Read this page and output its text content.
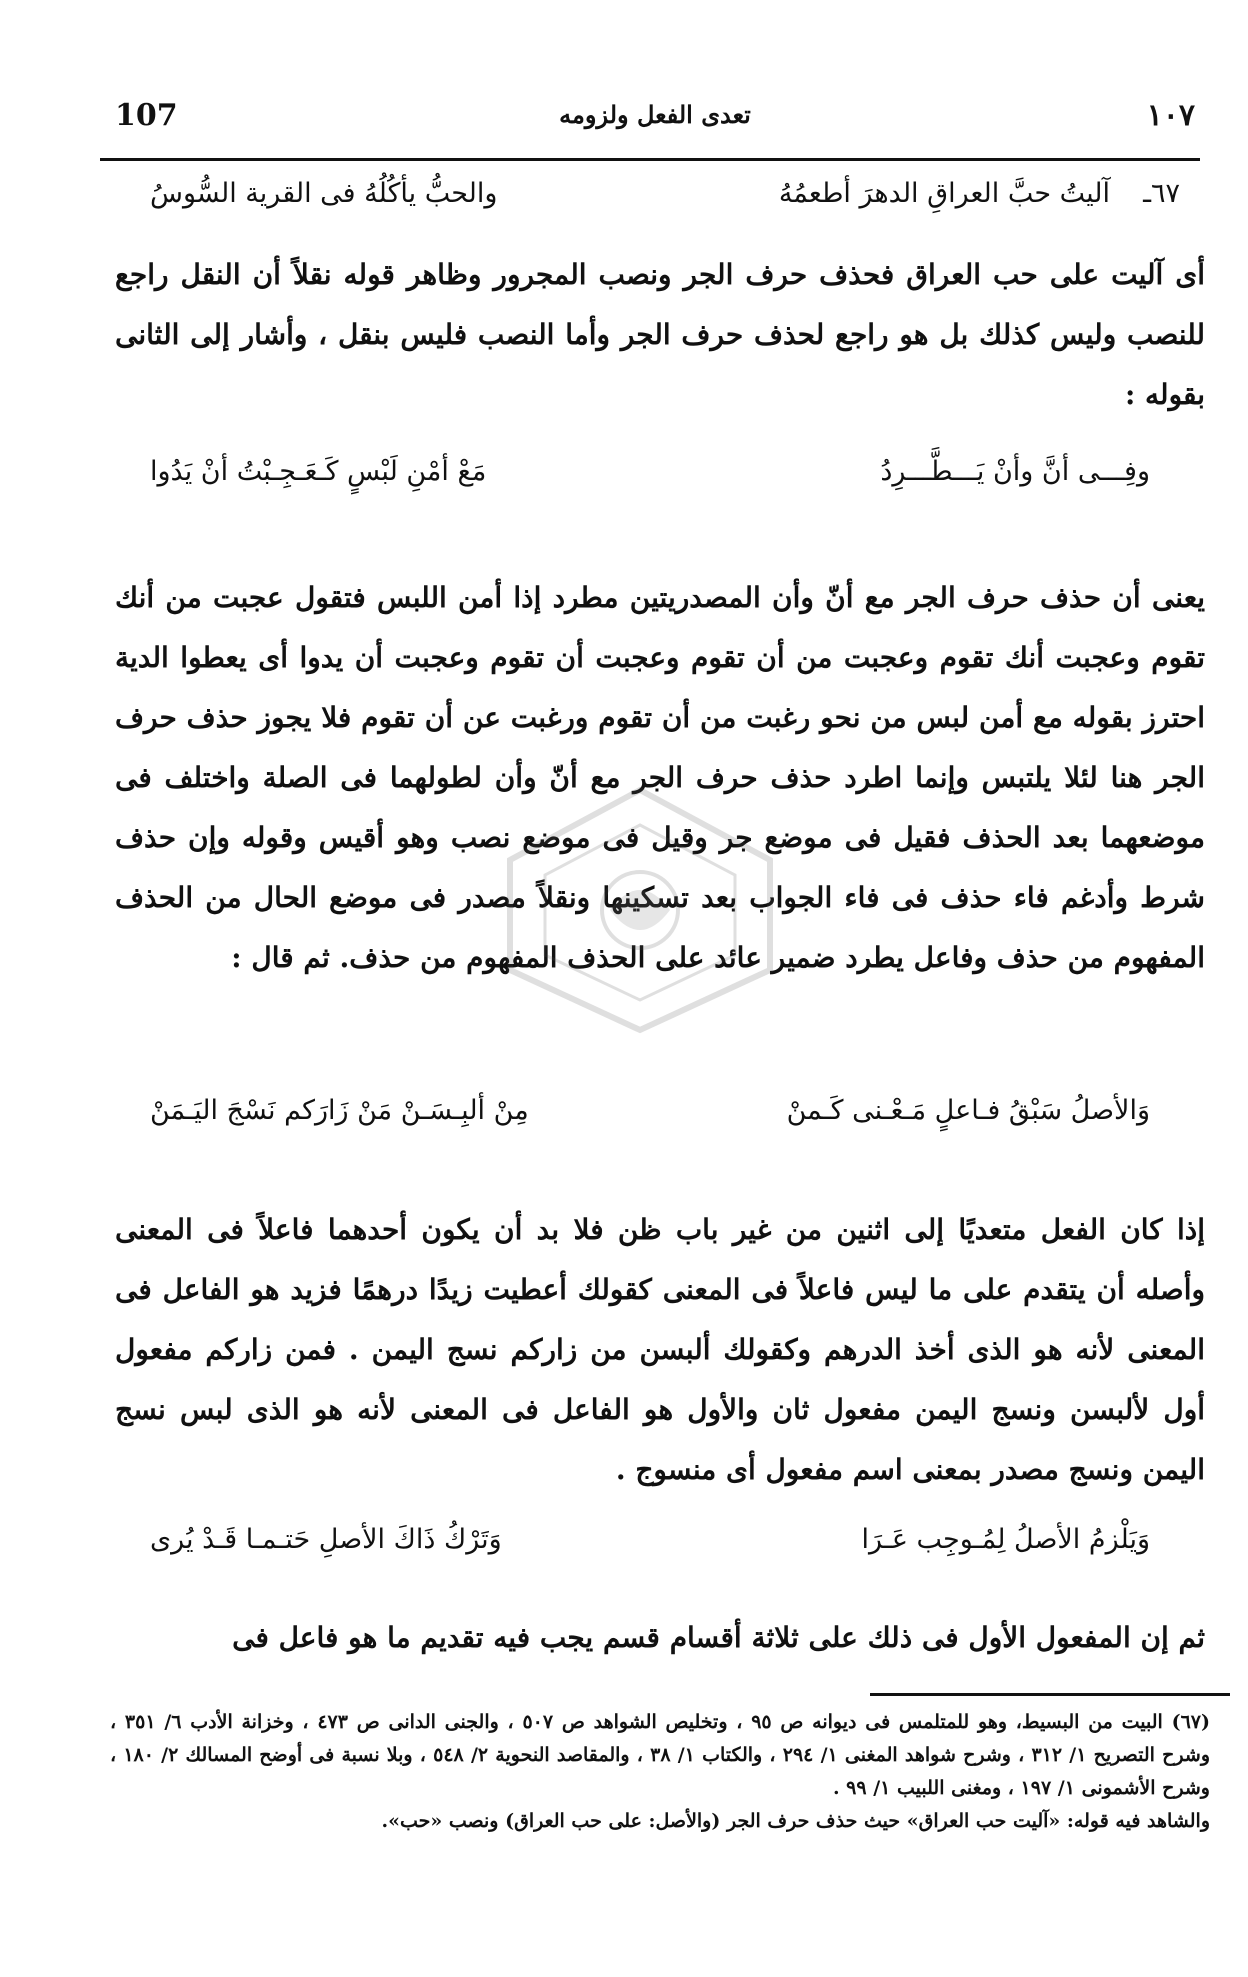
107	تعدى الفعل ولزومه	١٠٧
٦٧ـ
آليتُ حبَّ العراقِ الدهرَ أطعمُهُ
والحبُّ يأكُلُهُ فى القرية السُّوسُ
أى آليت على حب العراق فحذف حرف الجر ونصب المجرور وظاهر قوله نقلاً أن النقل راجع للنصب وليس كذلك بل هو راجع لحذف حرف الجر وأما النصب فليس بنقل ، وأشار إلى الثانى بقوله :
وفِـــى أنَّ وأنْ يَـــطَّـــرِدُ
مَعْ أمْنِ لَبْسٍ كَـعَـجِـبْتُ أنْ يَدُوا
يعنى أن حذف حرف الجر مع أنّ وأن المصدريتين مطرد إذا أمن اللبس فتقول عجبت من أنك تقوم وعجبت أنك تقوم وعجبت من أن تقوم وعجبت أن تقوم وعجبت أن يدوا أى يعطوا الدية احترز بقوله مع أمن لبس من نحو رغبت من أن تقوم ورغبت عن أن تقوم فلا يجوز حذف حرف الجر هنا لئلا يلتبس وإنما اطرد حذف حرف الجر مع أنّ وأن لطولهما فى الصلة واختلف فى موضعهما بعد الحذف فقيل فى موضع جر وقيل فى موضع نصب وهو أقيس وقوله وإن حذف شرط وأدغم فاء حذف فى فاء الجواب بعد تسكينها ونقلاً مصدر فى موضع الحال من الحذف المفهوم من حذف وفاعل يطرد ضمير عائد على الحذف المفهوم من حذف. ثم قال :
وَالأصلُ سَبْقُ فـاعلٍ مَـعْـنى كَـمنْ
مِنْ ألبِـسَـنْ مَنْ زَارَكم نَسْجَ اليَـمَنْ
إذا كان الفعل متعديًا إلى اثنين من غير باب ظن فلا بد أن يكون أحدهما فاعلاً فى المعنى وأصله أن يتقدم على ما ليس فاعلاً فى المعنى كقولك أعطيت زيدًا درهمًا فزيد هو الفاعل فى المعنى لأنه هو الذى أخذ الدرهم وكقولك ألبسن من زاركم نسج اليمن . فمن زاركم مفعول أول لألبسن ونسج اليمن مفعول ثان والأول هو الفاعل فى المعنى لأنه هو الذى لبس نسج اليمن ونسج مصدر بمعنى اسم مفعول أى منسوج .
وَيَلْزمُ الأصلُ لِمُـوجِب عَـرَا
وَتَرْكُ ذَاكَ الأصلِ حَتـمـا قَـدْ يُرى
ثم إن المفعول الأول فى ذلك على ثلاثة أقسام قسم يجب فيه تقديم ما هو فاعل فى

(٦٧) البيت من البسيط، وهو للمتلمس فى ديوانه ص ٩٥ ، وتخليص الشواهد ص ٥٠٧ ، والجنى الدانى ص ٤٧٣ ، وخزانة الأدب ٦/ ٣٥١ ، وشرح التصريح ١/ ٣١٢ ، وشرح شواهد المغنى ١/ ٢٩٤ ، والكتاب ١/ ٣٨ ، والمقاصد النحوية ٢/ ٥٤٨ ، وبلا نسبة فى أوضح المسالك ٢/ ١٨٠ ، وشرح الأشمونى ١/ ١٩٧ ، ومغنى اللبيب ١/ ٩٩ .

والشاهد فيه قوله: «آليت حب العراق» حيث حذف حرف الجر (والأصل: على حب العراق) ونصب «حب».
